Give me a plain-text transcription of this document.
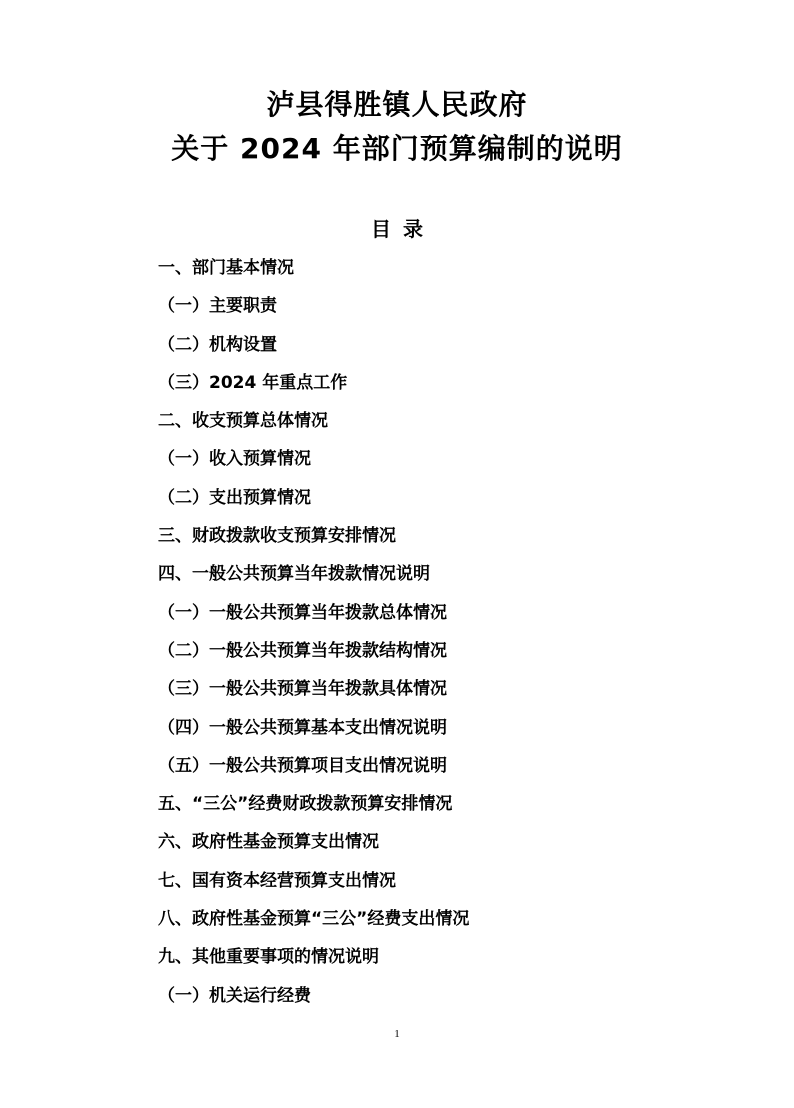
泸县得胜镇人民政府
关于 2024 年部门预算编制的说明
目录
一、部门基本情况
（一）主要职责
（二）机构设置
（三）2024 年重点工作
二、收支预算总体情况
（一）收入预算情况
（二）支出预算情况
三、财政拨款收支预算安排情况
四、一般公共预算当年拨款情况说明
（一）一般公共预算当年拨款总体情况
（二）一般公共预算当年拨款结构情况
（三）一般公共预算当年拨款具体情况
（四）一般公共预算基本支出情况说明
（五）一般公共预算项目支出情况说明
五、“三公”经费财政拨款预算安排情况
六、政府性基金预算支出情况
七、国有资本经营预算支出情况
八、政府性基金预算“三公”经费支出情况
九、其他重要事项的情况说明
（一）机关运行经费
1
